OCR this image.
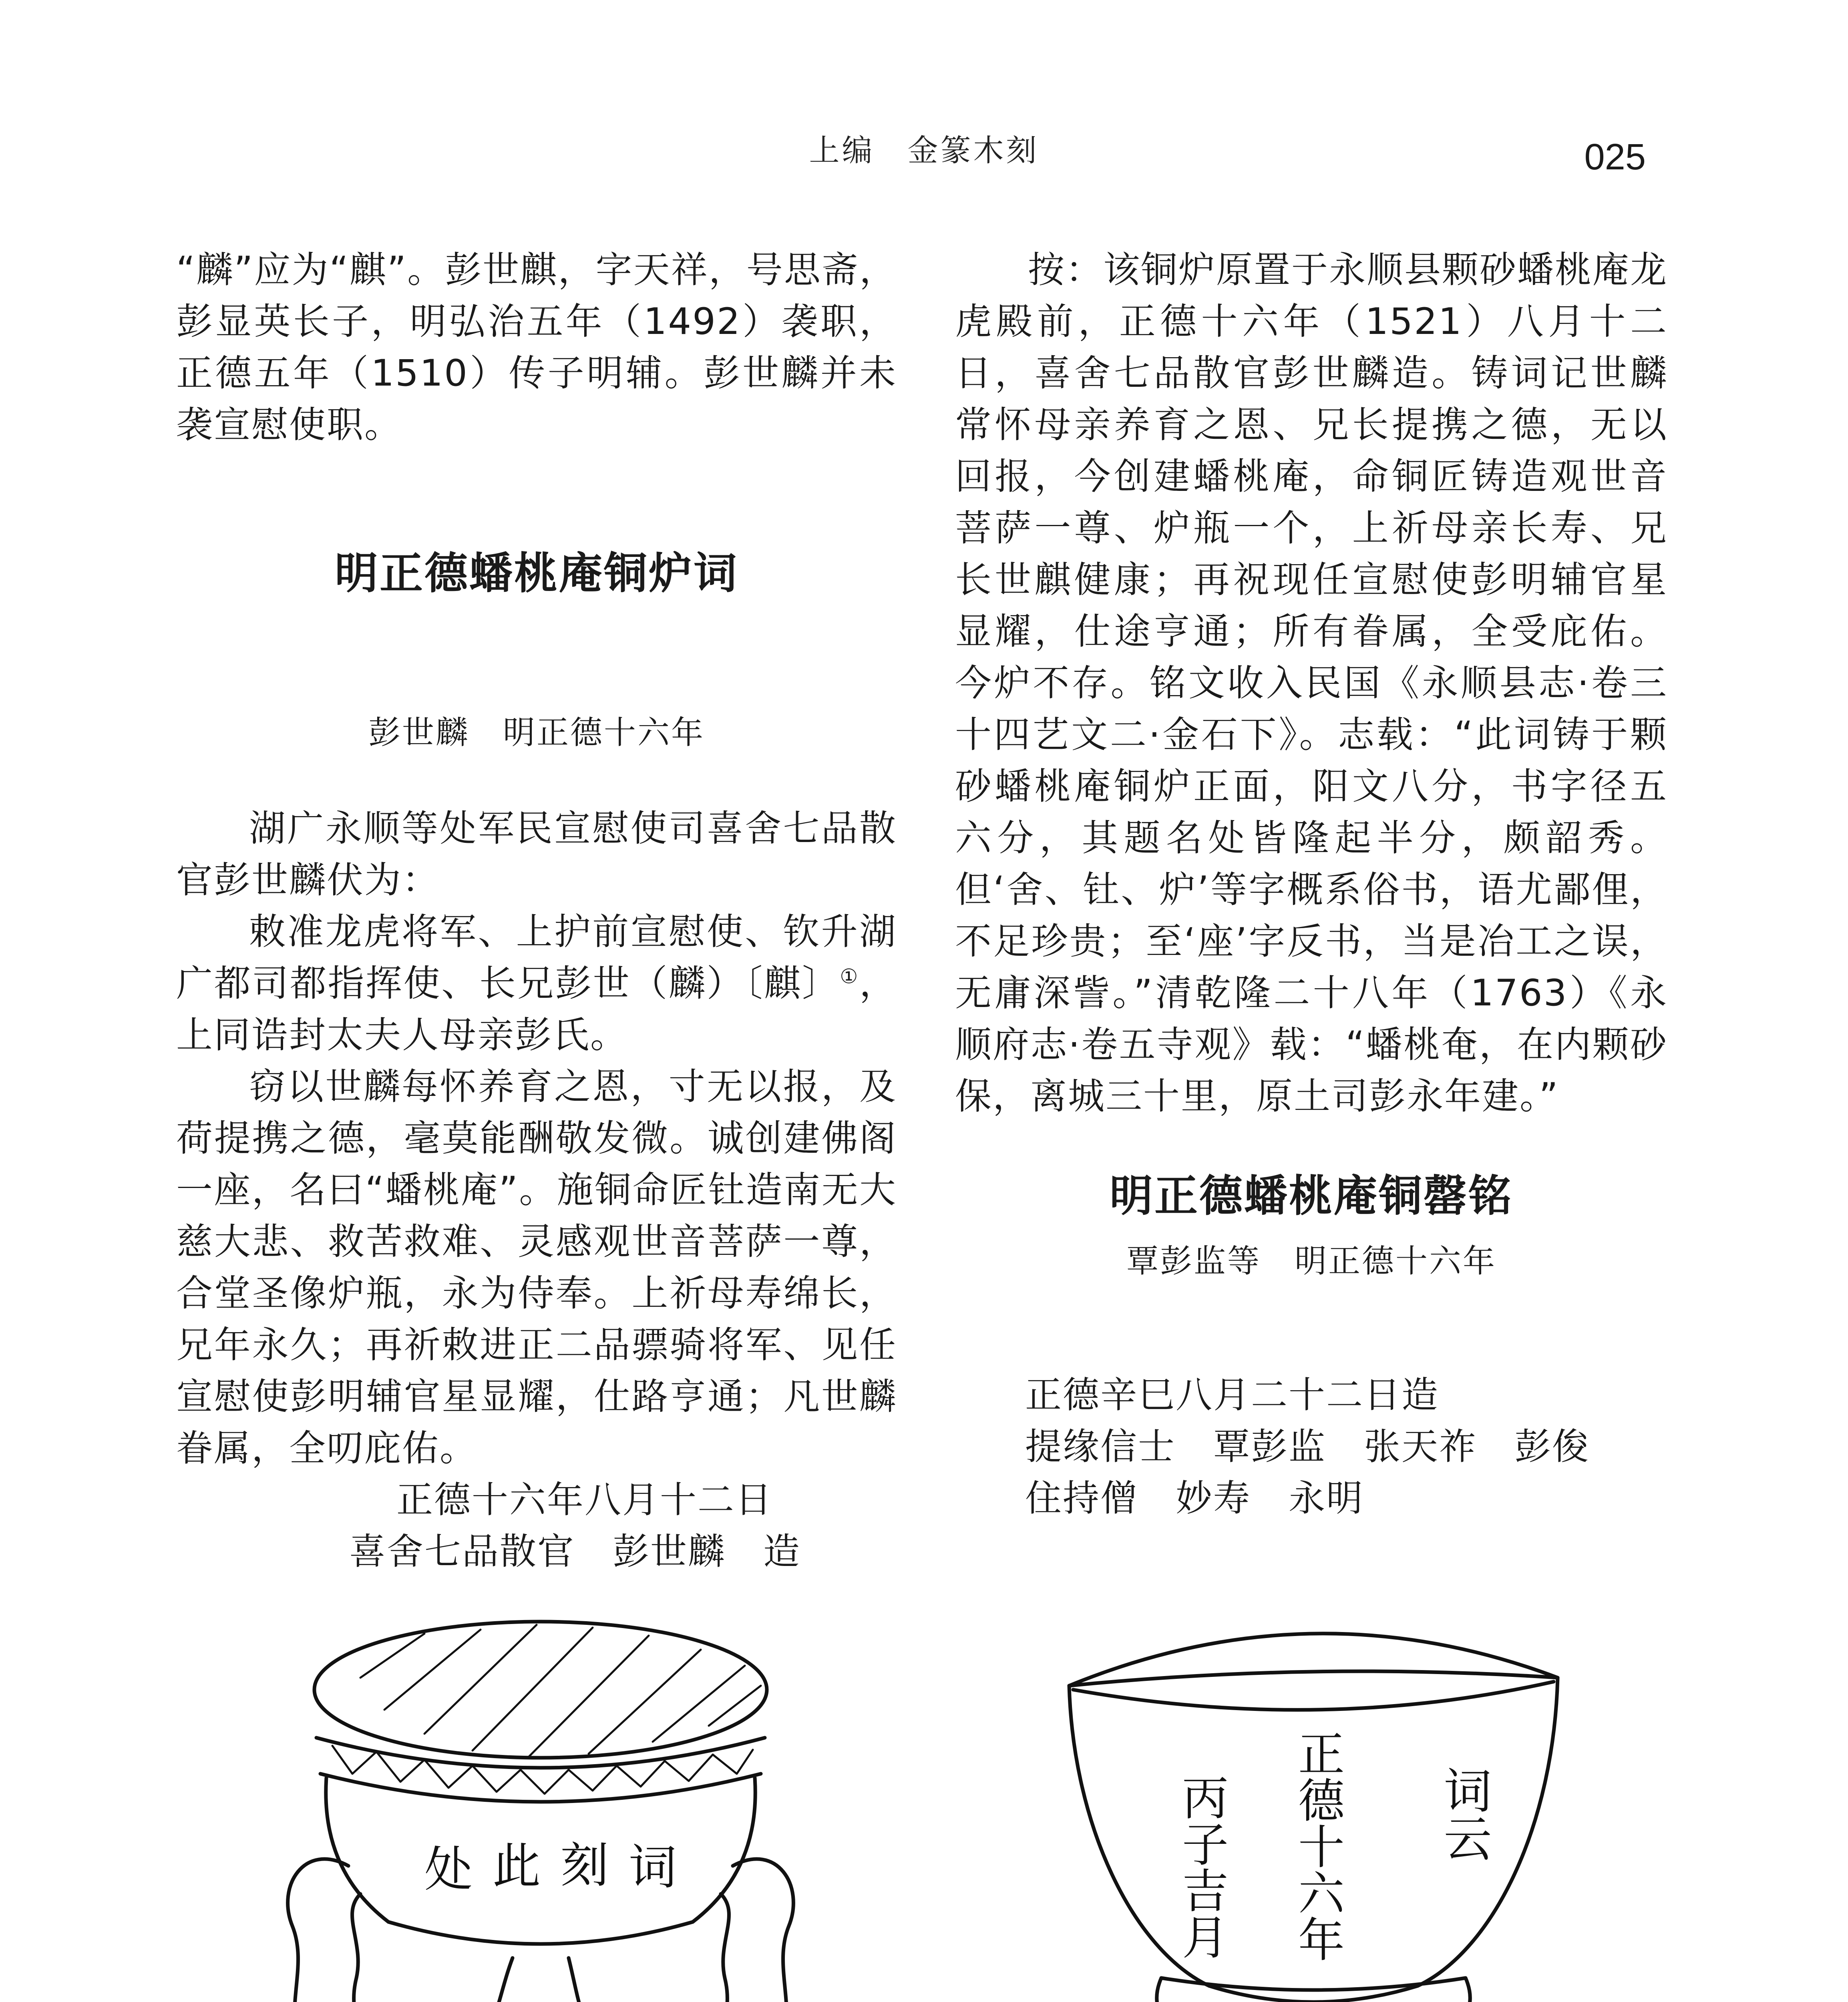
上编　金篆木刻	025

“麟”应为“麒”。彭世麒，字天祥，号思斋，彭显英长子，明弘治五年（1492）袭职，正德五年（1510）传子明辅。彭世麟并未袭宣慰使职。

明正德蟠桃庵铜炉词
彭世麟　明正德十六年

湖广永顺等处军民宣慰使司喜舍七品散官彭世麟伏为：

敕准龙虎将军、上护前宣慰使、钦升湖广都司都指挥使、长兄彭世（麟）〔麒〕①，上同诰封太夫人母亲彭氏。

窃以世麟每怀养育之恩，寸无以报，及荷提携之德，毫莫能酬敬发微。诚创建佛阁一座，名曰“蟠桃庵”。施铜命匠钍造南无大慈大悲、救苦救难、灵感观世音菩萨一尊，合堂圣像炉瓶，永为侍奉。上祈母寿绵长，兄年永久；再祈敕进正二品骠骑将军、见任宣慰使彭明辅官星显耀，仕路亨通；凡世麟眷属，全叨庇佑。

正德十六年八月十二日
喜舍七品散官　彭世麟　造
处 此 刻 词

按：该铜炉原置于永顺县颗砂蟠桃庵龙虎殿前，正德十六年（1521）八月十二日，喜舍七品散官彭世麟造。铸词记世麟常怀母亲养育之恩、兄长提携之德，无以回报，今创建蟠桃庵，命铜匠铸造观世音菩萨一尊、炉瓶一个，上祈母亲长寿、兄长世麒健康；再祝现任宣慰使彭明辅官星显耀，仕途亨通；所有眷属，全受庇佑。今炉不存。铭文收入民国《永顺县志·卷三十四艺文二·金石下》。志载：“此词铸于颗砂蟠桃庵铜炉正面，阳文八分，书字径五六分，其题名处皆隆起半分，颇韶秀。但‘舍、钍、炉’等字概系俗书，语尤鄙俚，不足珍贵；至‘座’字反书，当是冶工之误，无庸深訾。”清乾隆二十八年（1763）《永顺府志·卷五寺观》载：“蟠桃奄，在内颗砂保，离城三十里，原土司彭永年建。”

明正德蟠桃庵铜罄铭
覃彭监等　明正德十六年

正德辛巳八月二十二日造

提缘信士　覃彭监　张天祚　彭俊

住持僧　妙寿　永明

词云
正德十六年
丙子吉月
